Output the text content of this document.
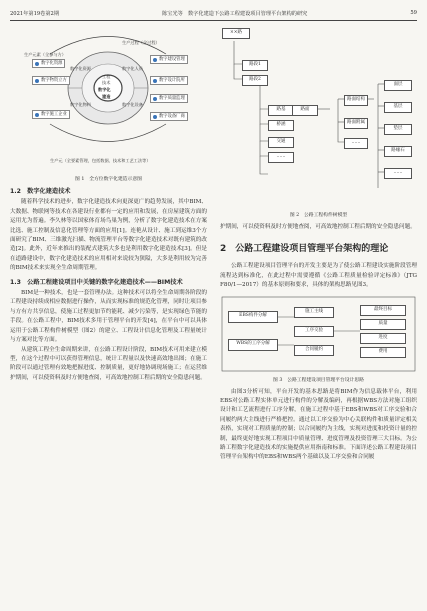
2021年第19卷第2期	陈宝光等　数字化建造下公路工程建设项目管理平台架构的研究	59
生产过程（全过程）
生产元素（全参与方）
工程
技术
数字化
建造
数字化资源
数字物资立方
数字施工企业
数字化资源
数字化物料	数字化设备
数字化人员
数字建设管理
数字设计院所
数字质量监理
数字设备厂商
生产元（全要素管理，包括数据、技术和工艺工法等）
图 1　全方位数字化建造示意图
1.2　数字化建造技术

随着科学技术的进步，数字化建造技术向更深更广的趋势发展，其中BIM、大数据、物联网等技术在各建设行业都有一定的应用和发展，在房屋建筑方面的运用尤为普遍。李久林等以国家体育场鸟巢为例，分析了数字化建造技术在方案比选、施工控制及信息化管理等方面的应用[1]。连艳从设计、施工到运维3个方面研究了BIM、三维激光扫描、物流管理平台等数字化建造技术对既有建筑的改造[2]。此外，近年来推出的装配式建筑大多也是利用数字化建造技术[3]。但是在道路建设中，数字化建造技术的应用相对来说较为狭隘，大多是利用较为完善的BIM技术来实现全生命周期管理。

1.3　公路工程建设项目中关键的数字化建造技术——BIM技术

BIM是一种技术，也是一套管理办法。这种技术可以将全生命周期各阶段的工程建设持续成相应数据进行操作，从而实现标准的规范化管理，同时让项目参与方有方共享信息，使施工过程更加节约能耗、减少污染等，是实现绿色节能的手段。在公路工程中，BIM技术多用于管理平台的开发[4]，在平台中可以具体运用于公路工程构件树模型（图2）的建立、工程设计信息化管理及工程量统计与方案对比等方面。

从建筑工程全生命周期来讲，在公路工程设计阶段，BIM技术可用来建立模型，在这个过程中可以获得管理信息，统计工程量以及快速高效地出图；在施工阶段可以通过管理有效地把握进度、控制质量，更好地协调现场施工；在运营维护期间，可以使资料及时方便地查阅，可高效地控制工程后期的安全隐患问题。

××路
路段1
路段2
路基	路面
桥涵
交通
……
路面结构
路面附属
……
面层
基层
垫层
路缘石
……
图 2　公路工程构件树模型

护期间，可以使资料及时方便地查阅，可高效地控制工程后期的安全隐患问题。

2　公路工程建设项目管理平台架构的理论

公路工程建设项目管理平台的开发主要是为了使公路工程建设实施阶段管理流程达到标准化，在此过程中需要遵循《公路工程质量检验评定标准》（JTG F80/1—2017）的基本原则和要求，具体的架构思路见图3。

EBS构件分解
WBS的工序分解
施工主线
工序交验
合同履约
最终目标
质量
进度
费用
图 3　公路工程建设项目管理平台设计思路

由图3分析可知，平台开发的基本思路是将BIM作为信息载体平台，利用EBS对公路工程实体单元进行构件的分解及编码，再根据WBS方法对施工组织设计和工艺流程进行工序分解，在施工过程中基于EBS和WBS对工序交验和合同履约两大主线进行严格把控。通过以工序交验为中心关联构件和质量评定相关表格，实现对工程质量的控制；以合同履约为主线，实现对进度和投资计量的控制，最终更好地实现工程项目中质量管理、进度管理及投资管理三大目标。为公路工程数字化建造技术的实施提供应用指南和标准。下面详述公路工程建设项目管理平台架构中的EBS和WBS两个基础以及工序交验和合同履
